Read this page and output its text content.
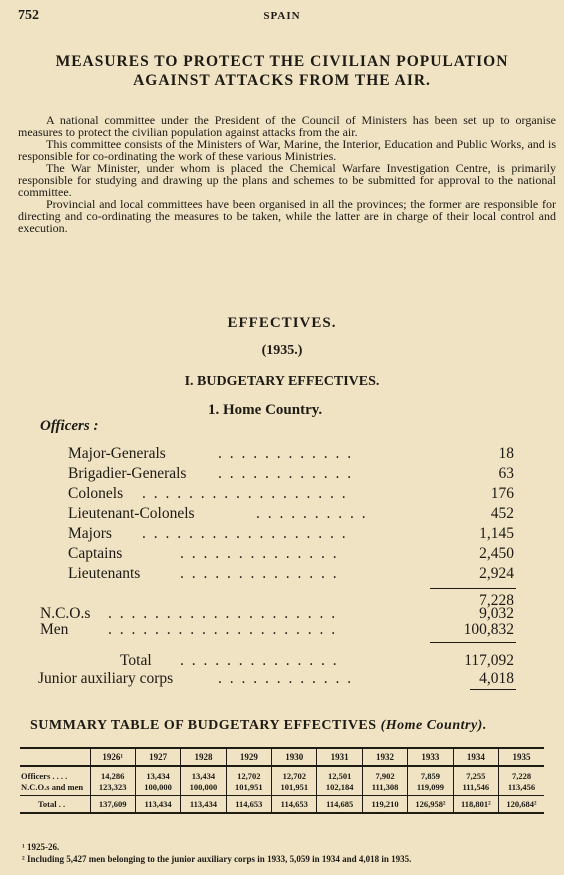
752	SPAIN
MEASURES TO PROTECT THE CIVILIAN POPULATION
AGAINST ATTACKS FROM THE AIR.

A national committee under the President of the Council of Ministers has been set up to organise measures to protect the civilian population against attacks from the air.

This committee consists of the Ministers of War, Marine, the Interior, Education and Public Works, and is responsible for co-ordinating the work of these various Ministries.

The War Minister, under whom is placed the Chemical Warfare Investigation Centre, is primarily responsible for studying and drawing up the plans and schemes to be submitted for approval to the national committee.

Provincial and local committees have been organised in all the provinces; the former are responsible for directing and co-ordinating the measures to be taken, while the latter are in charge of their local control and execution.

EFFECTIVES.
(1935.)
I. BUDGETARY EFFECTIVES.
1. Home Country.
Officers :
Major-Generals	. . . . . . . . . . . .	18
Brigadier-Generals . . . . . . . . . . . .	63
Colonels . . . . . . . . . . . . . . . . . .	176
Lieutenant-Colonels	. . . . . . . . . .	452
Majors . . . . . . . . . . . . . . . . . .	1,145
Captains	. . . . . . . . . . . . . .	2,450
Lieutenants	. . . . . . . . . . . . . .	2,924
7,228
N.C.O.s . . . . . . . . . . . . . . . . . . . .	9,032
Men	. . . . . . . . . . . . . . . . . . . .	100,832
Total . . . . . . . . . . . . . .	117,092
Junior auxiliary corps	. . . . . . . . . . . .	4,018
SUMMARY TABLE OF BUDGETARY EFFECTIVES (Home Country).
	1926¹	1927	1928	1929	1930	1931	1932	1933	1934	1935
Officers . . . .	14,286	13,434	13,434	12,702	12,702	12,501	7,902	7,859	7,255	7,228
N.C.O.s and men	123,323	100,000	100,000	101,951	101,951	102,184	111,308	119,099	111,546	113,456
Total . .	137,609	113,434	113,434	114,653	114,653	114,685	119,210	126,958²	118,801²	120,684²
¹ 1925-26.
² Including 5,427 men belonging to the junior auxiliary corps in 1933, 5,059 in 1934 and 4,018 in 1935.
